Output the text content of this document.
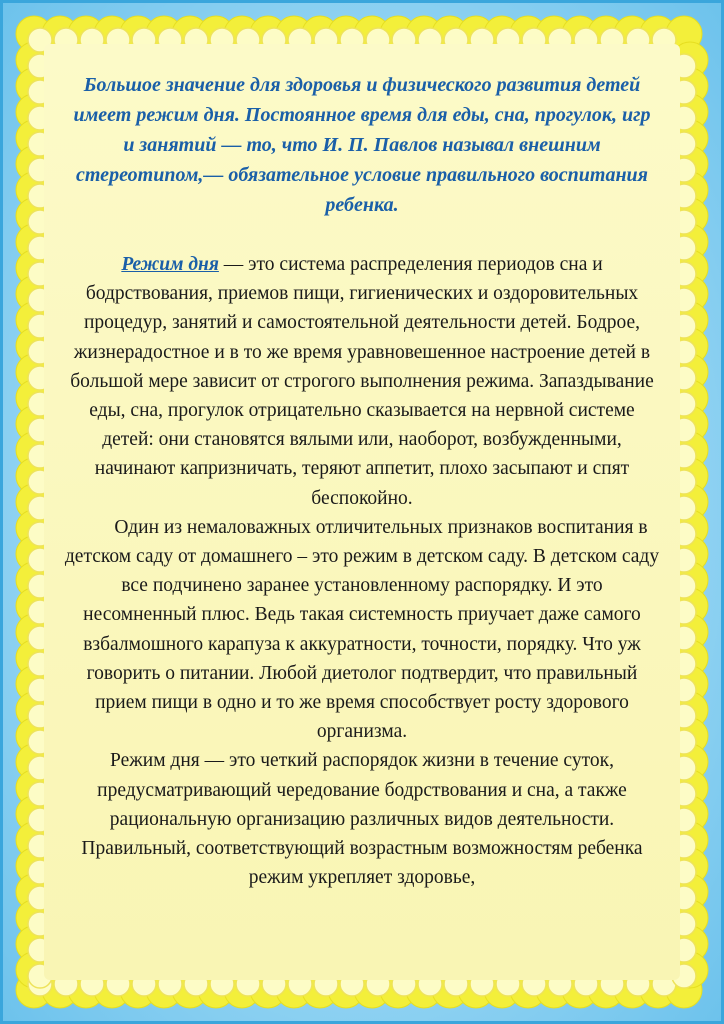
Большое значение для здоровья и физического развития детей имеет режим дня. Постоянное время для еды, сна, прогулок, игр и занятий — то, что И. П. Павлов называл внешним стереотипом,— обязательное условие правильного воспитания ребенка.

Режим дня — это система распределения периодов сна и бодрствования, приемов пищи, гигиенических и оздоровительных процедур, занятий и самостоятельной деятельности детей. Бодрое, жизнерадостное и в то же время уравновешенное настроение детей в большой мере зависит от строгого выполнения режима. Запаздывание еды, сна, прогулок отрицательно сказывается на нервной системе детей: они становятся вялыми или, наоборот, возбужденными, начинают капризничать, теряют аппетит, плохо засыпают и спят беспокойно.

Один из немаловажных отличительных признаков воспитания в детском саду от домашнего – это режим в детском саду. В детском саду все подчинено заранее установленному распорядку. И это несомненный плюс. Ведь такая системность приучает даже самого взбалмошного карапуза к аккуратности, точности, порядку. Что уж говорить о питании. Любой диетолог подтвердит, что правильный прием пищи в одно и то же время способствует росту здорового организма.

Режим дня — это четкий распорядок жизни в течение суток, предусматривающий чередование бодрствования и сна, а также рациональную организацию различных видов деятельности. Правильный, соответствующий возрастным возможностям ребенка режим укрепляет здоровье,
